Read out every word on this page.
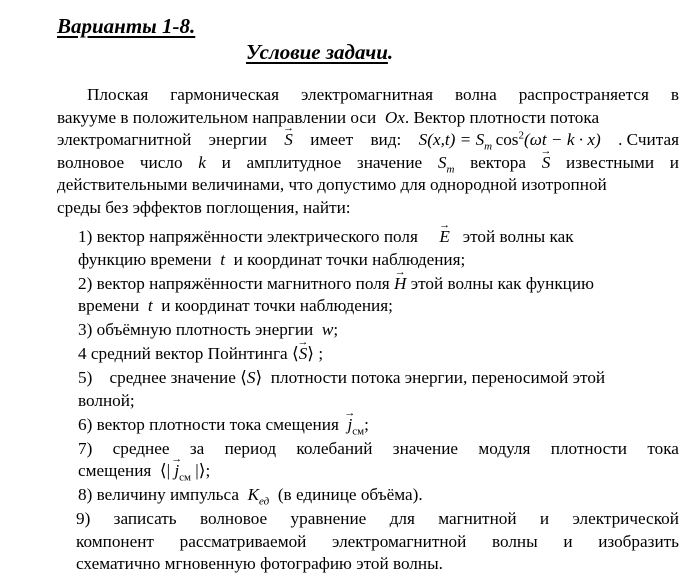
Варианты 1-8.
Условие задачи.
Плоская гармоническая электромагнитная волна распространяется в
вакууме в положительном направлении оси Ox. Вектор плотности потока
электромагнитной энергии → S имеет вид: $S(x,t) = S_m$  $\cos^2(\omega t - k \cdot x)$ . Считая
волновое число k и амплитудное значение $S_m$ вектора → S известными и
действительными величинами, что допустимо для однородной изотропной
среды без эффектов поглощения, найти:
1) вектор напряжённости электрического поля → E этой волны как
функцию времени t и координат точки наблюдения;
2) вектор напряжённости магнитного поля → H этой волны как функцию
времени t и координат точки наблюдения;
3) объёмную плотность энергии w;
4 средний вектор Пойнтинга ⟨→ S⟩ ;
5) среднее значение ⟨S⟩ плотности потока энергии, переносимой этой
волной;
6) вектор плотности тока смещения → $j_{см}$;
7) среднее за период колебаний значение модуля плотности тока
смещения ⟨| → $j_{см}$ |⟩;
8) величину импульса $K_{ед}$ (в единице объёма).
9) записать волновое уравнение для магнитной и электрической
компонент рассматриваемой электромагнитной волны и изобразить
схематично мгновенную фотографию этой волны.
